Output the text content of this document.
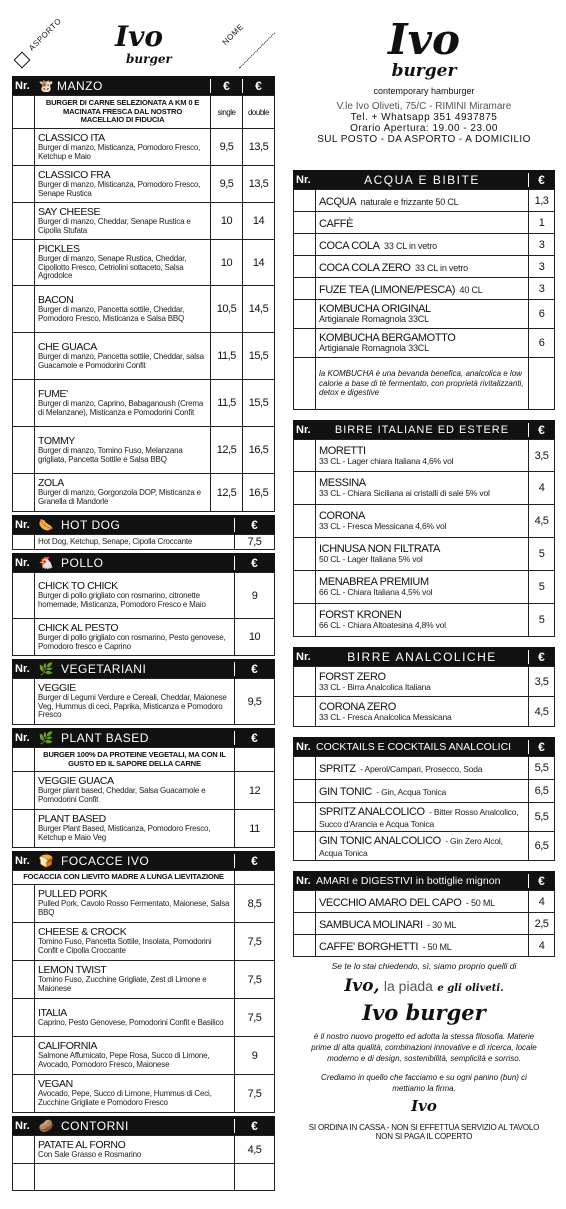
ASPORTO Ivo
burger
NOME
Nr. 🐮 MANZO	€	€
	BURGER DI CARNE SELEZIONATA A KM 0 E MACINATA FRESCA DAL NOSTRO MACELLAIO DI FIDUCIA	single	double

	CLASSICO ITA
Burger di manzo, Misticanza, Pomodoro Fresco, Ketchup e Maio	9,5	13,5

	CLASSICO FRA
Burger di manzo, Misticanza, Pomodoro Fresco, Senape Rustica	9,5	13,5

	SAY CHEESE
Burger di manzo, Cheddar, Senape Rustica e Cipolla Stufata	10	14

	PICKLES
Burger di manzo, Senape Rustica, Cheddar, Cipollotto Fresco, Cetriolini sottaceto, Salsa Agrodolce	10	14

	BACON
Burger di manzo, Pancetta sottile, Cheddar, Pomodoro Fresco, Misticanza e Salsa BBQ	10,5	14,5

	CHE GUACA
Burger di manzo, Pancetta sottile, Cheddar, salsa Guacamole e Pomodorini Confit	11,5	15,5

	FUME'
Burger di manzo, Caprino, Babaganoush (Crema di Melanzane), Misticanza e Pomodorini Confit	11,5	15,5

	TOMMY
Burger di manzo, Tomino Fuso, Melanzana grigliata, Pancetta Sottile e Salsa BBQ	12,5	16,5

	ZOLA
Burger di manzo, Gorgonzola DOP, Misticanza e Granella di Mandorle	12,5	16,5
Nr. 🌭 HOT DOG	€

Hot Dog, Ketchup, Senape, Cipolla Croccante	7,5
Nr. 🐔 POLLO	€

	CHICK TO CHICK
Burger di pollo grigliato con rosmarino, citronette homemade, Misticanza, Pomodoro Fresco e Maio	9

	CHICK AL PESTO
Burger di pollo grigliato con rosmarino, Pesto genovese, Pomodoro fresco e Caprino	10
Nr. 🌿 VEGETARIANI	€

VEGGIE
Burger di Legumi Verdure e Cereali, Cheddar, Maionese Veg, Hummus di ceci, Paprika, Misticanza e Pomodoro Fresco
	9,5
Nr. 🌿 PLANT BASED	€
	BURGER 100% DA PROTEINE VEGETALI, MA CON IL GUSTO ED IL SAPORE DELLA CARNE	

	VEGGIE GUACA
Burger plant based, Cheddar, Salsa Guacamole e Pomodorini Confit	12

	PLANT BASED
Burger Plant Based, Misticanza, Pomodoro Fresco, Ketchup e Maio Veg	11
Nr. 🍞 FOCACCE IVO	€
FOCACCIA CON LIEVITO MADRE A LUNGA LIEVITAZIONE		

	PULLED PORK
Pulled Pork, Cavolo Rosso Fermentato, Maionese, Salsa BBQ	8,5

	CHEESE & CROCK
Tomino Fuso, Pancetta Sottile, Insolata, Pomodorini Confit e Cipolla Croccante	7,5

	LEMON TWIST
Tomino Fuso, Zucchine Grigliate, Zest di Limone e Maionese	7,5

	ITALIA
Caprino, Pesto Genovese, Pomodorini Confit e Basilico	7,5

	CALIFORNIA
Salmone Affumicato, Pepe Rosa, Succo di Limone, Avocado, Pomodoro Fresco, Maionese	9

	VEGAN
Avocado, Pepe, Succo di Limone, Hummus di Ceci, Zucchine Grigliate e Pomodoro Fresco	7,5
Nr. 🥔 CONTORNI	€

	PATATE AL FORNO
Con Sale Grasso e Rosmarino	4,5

Ivo
burger
contemporary hamburger
V.le Ivo Oliveti, 75/C - RIMINI Miramare
Tel. + Whatsapp 351 4937875
Orario Apertura: 19.00 - 23.00
SUL POSTO - DA ASPORTO - A DOMICILIO
Nr.	ACQUA E BIBITE	€
	ACQUA naturale e frizzante 50 CL	1,3
	CAFFÈ	1
	COCA COLA 33 CL in vetro	3
	COCA COLA ZERO 33 CL in vetro	3
	FUZE TEA (LIMONE/PESCA) 40 CL	3

	KOMBUCHA ORIGINAL
Artigianale Romagnola 33CL	6

	KOMBUCHA BERGAMOTTO
Artigianale Romagnola 33CL	6

	la KOMBUCHA è una bevanda benefica, analcolica e low calorie a base di tè fermentato, con proprietà rivitalizzanti, detox e digestive	

Nr.	BIRRE ITALIANE ED ESTERE	€

	MORETTI
33 CL - Lager chiara Italiana 4,6% vol	3,5

	MESSINA
33 CL - Chiara Siciliana ai cristalli di sale 5% vol	4

	CORONA
33 CL - Fresca Messicana 4,6% vol	4,5

	ICHNUSA NON FILTRATA
50 CL - Lager Italiana 5% vol	5

	MENABREA PREMIUM
66 CL - Chiara Italiana 4,5% vol	5

	FORST KRONEN
66 CL - Chiara Altoatesina 4,8% vol	5
Nr.	BIRRE ANALCOLICHE	€

	FORST ZERO
33 CL - Birra Analcolica Italiana	3,5

	CORONA ZERO
33 CL - Fresca Analcolica Messicana	4,5
Nr. COCKTAILS E COCKTAILS ANALCOLICI	€
	SPRITZ - Aperol/Campari, Prosecco, Soda	5,5
	GIN TONIC - Gin, Acqua Tonica	6,5
	SPRITZ ANALCOLICO - Bitter Rosso Analcolico, Succo d'Arancia e Acqua Tonica	5,5
	GIN TONIC ANALCOLICO - Gin Zero Alcol, Acqua Tonica	6,5
Nr. AMARI e DIGESTIVI in bottiglie mignon	€
	VECCHIO AMARO DEL CAPO - 50 ML	4
	SAMBUCA MOLINARI - 30 ML	2,5
	CAFFE' BORGHETTI - 50 ML	4
Se te lo stai chiedendo, sì, siamo proprio quelli di
Ivo, la piada e gli oliveti.
Ivo burger
è il nostro nuovo progetto ed adotta la stessa filosofia. Materie prime di alta qualità, combinazioni innovative e di ricerca, locale moderno e di design, sostenibilità, semplicità e sorriso.
Crediamo in quello che facciamo e su ogni panino (bun) ci mettiamo la firma.
Ivo
SI ORDINA IN CASSA - NON SI EFFETTUA SERVIZIO AL TAVOLO
NON SI PAGA IL COPERTO
